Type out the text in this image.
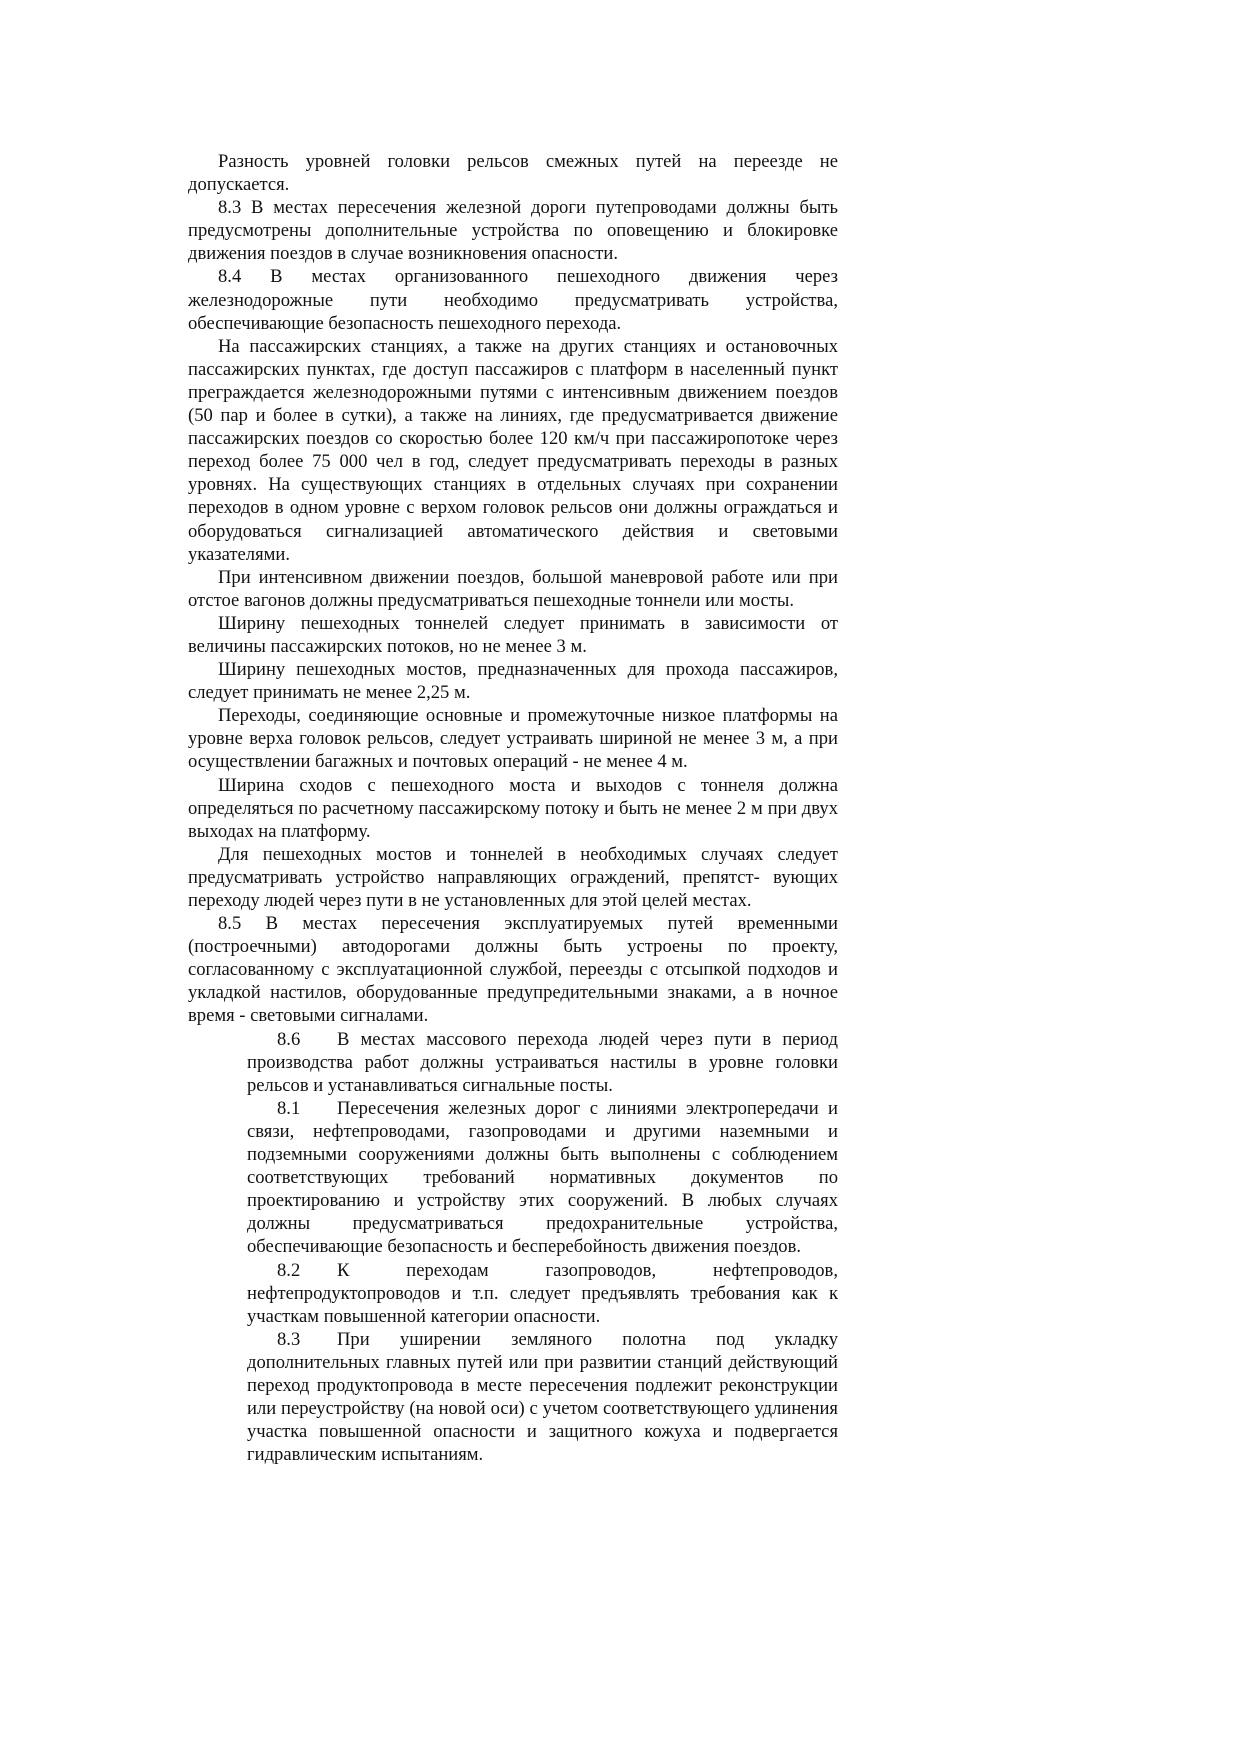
Разность уровней головки рельсов смежных путей на переезде не допускается.

8.3 В местах пересечения железной дороги путепроводами должны быть предусмотрены дополнительные устройства по оповещению и блокировке движения поездов в случае возникновения опасности.

8.4 В местах организованного пешеходного движения через железнодорожные пути необходимо предусматривать устройства, обеспечивающие безопасность пешеходного перехода.

На пассажирских станциях, а также на других станциях и остановочных пассажирских пунктах, где доступ пассажиров с платформ в населенный пункт преграждается железнодорожными путями с интенсивным движением поездов (50 пар и более в сутки), а также на линиях, где предусматривается движение пассажирских поездов со скоростью более 120 км/ч при пассажиропотоке через переход более 75 000 чел в год, следует предусматривать переходы в разных уровнях. На существующих станциях в отдельных случаях при сохранении переходов в одном уровне с верхом головок рельсов они должны ограждаться и оборудоваться сигнализацией автоматического действия и световыми указателями.

При интенсивном движении поездов, большой маневровой работе или при отстое вагонов должны предусматриваться пешеходные тоннели или мосты.

Ширину пешеходных тоннелей следует принимать в зависимости от величины пассажирских потоков, но не менее 3 м.

Ширину пешеходных мостов, предназначенных для прохода пассажиров, следует принимать не менее 2,25 м.

Переходы, соединяющие основные и промежуточные низкое платформы на уровне верха головок рельсов, следует устраивать шириной не менее 3 м, а при осуществлении багажных и почтовых операций - не менее 4 м.

Ширина сходов с пешеходного моста и выходов с тоннеля должна определяться по расчетному пассажирскому потоку и быть не менее 2 м при двух выходах на платформу.

Для пешеходных мостов и тоннелей в необходимых случаях следует предусматривать устройство направляющих ограждений, препятст- вующих переходу людей через пути в не установленных для этой целей местах.

8.5 В местах пересечения эксплуатируемых путей временными (построечными) автодорогами должны быть устроены по проекту, согласованному с эксплуатационной службой, переезды с отсыпкой подходов и укладкой настилов, оборудованные предупредительными знаками, а в ночное время - световыми сигналами.

8.6 В местах массового перехода людей через пути в период производства работ должны устраиваться настилы в уровне головки рельсов и устанавливаться сигнальные посты.

8.1 Пересечения железных дорог с линиями электропередачи и связи, нефтепроводами, газопроводами и другими наземными и подземными сооружениями должны быть выполнены с соблюдением соответствующих требований нормативных документов по проектированию и устройству этих сооружений. В любых случаях должны предусматриваться предохранительные устройства, обеспечивающие безопасность и бесперебойность движения поездов.

8.2 К переходам газопроводов, нефтепроводов, нефтепродуктопроводов и т.п. следует предъявлять требования как к участкам повышенной категории опасности.

8.3 При уширении земляного полотна под укладку дополнительных главных путей или при развитии станций действующий переход продуктопровода в месте пересечения подлежит реконструкции или переустройству (на новой оси) с учетом соответствующего удлинения участка повышенной опасности и защитного кожуха и подвергается гидравлическим испытаниям.
